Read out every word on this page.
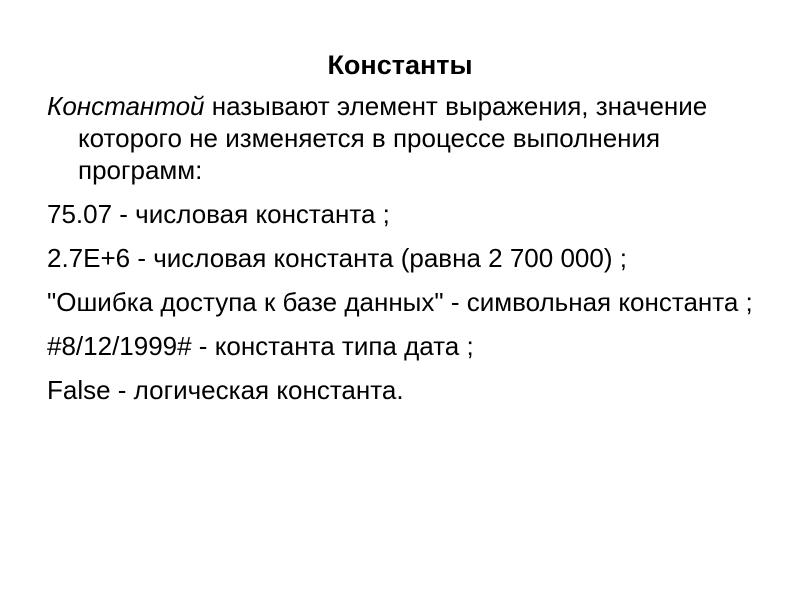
Константы
Константой называют элемент выражения, значение которого не изменяется в процессе выполнения программ:
75.07 - числовая константа ;
2.7E+6 - числовая константа (равна 2 700 000) ;
"Ошибка доступа к базе данных" - символьная константа ;
#8/12/1999# - константа типа дата ;
False - логическая константа.
